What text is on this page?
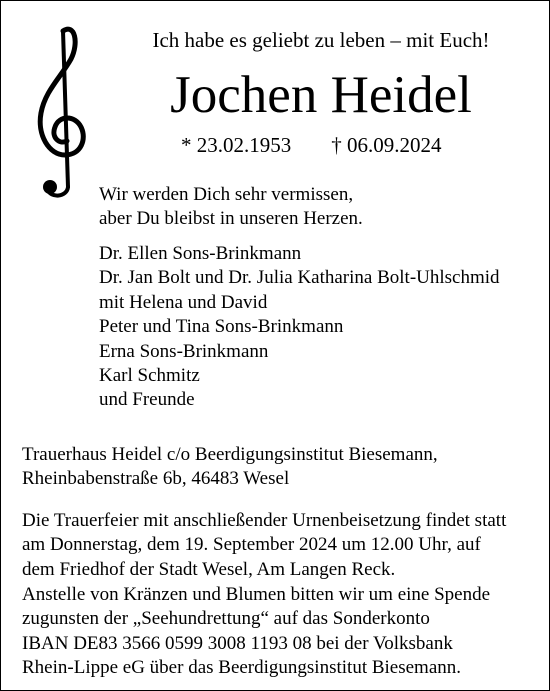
Ich habe es geliebt zu leben – mit Euch!
Jochen Heidel
* 23.02.1953 † 06.09.2024
Wir werden Dich sehr vermissen,
aber Du bleibst in unseren Herzen.
Dr. Ellen Sons-Brinkmann
Dr. Jan Bolt und Dr. Julia Katharina Bolt-Uhlschmid
mit Helena und David
Peter und Tina Sons-Brinkmann
Erna Sons-Brinkmann
Karl Schmitz
und Freunde
Trauerhaus Heidel c/o Beerdigungsinstitut Biesemann,
Rheinbabenstraße 6b, 46483 Wesel
Die Trauerfeier mit anschließender Urnenbeisetzung findet statt
am Donnerstag, dem 19. September 2024 um 12.00 Uhr, auf
dem Friedhof der Stadt Wesel, Am Langen Reck.
Anstelle von Kränzen und Blumen bitten wir um eine Spende
zugunsten der „Seehundrettung“ auf das Sonderkonto
IBAN DE83 3566 0599 3008 1193 08 bei der Volksbank
Rhein-Lippe eG über das Beerdigungsinstitut Biesemann.
